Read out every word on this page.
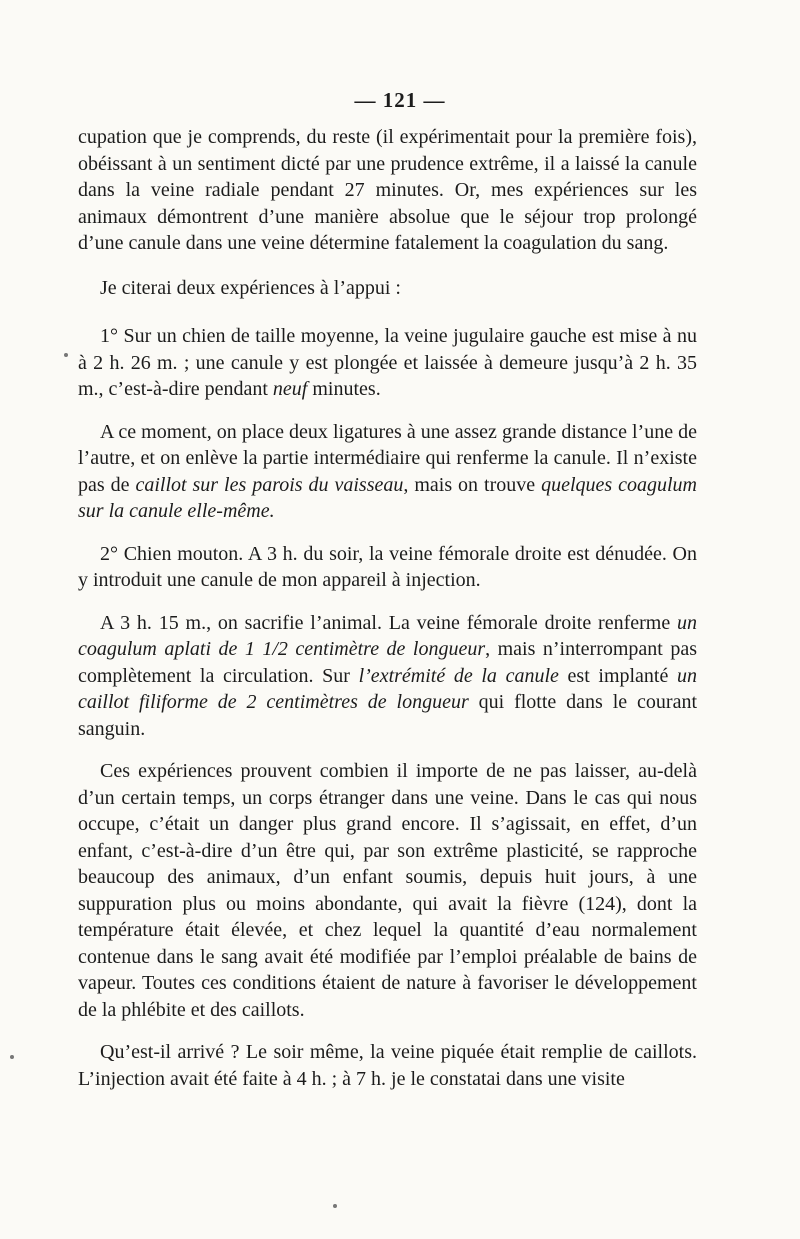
— 121 —

cupation que je comprends, du reste (il expérimentait pour la première fois), obéissant à un sentiment dicté par une prudence extrême, il a laissé la canule dans la veine radiale pendant 27 minutes. Or, mes expériences sur les animaux démontrent d’une manière absolue que le séjour trop prolongé d’une canule dans une veine détermine fatalement la coagulation du sang.

Je citerai deux expériences à l’appui :

1° Sur un chien de taille moyenne, la veine jugulaire gauche est mise à nu à 2 h. 26 m. ; une canule y est plongée et laissée à demeure jusqu’à 2 h. 35 m., c’est-à-dire pendant neuf minutes.

A ce moment, on place deux ligatures à une assez grande distance l’une de l’autre, et on enlève la partie intermédiaire qui renferme la canule. Il n’existe pas de caillot sur les parois du vaisseau, mais on trouve quelques coagulum sur la canule elle-même.

2° Chien mouton. A 3 h. du soir, la veine fémorale droite est dénudée. On y introduit une canule de mon appareil à injection.

A 3 h. 15 m., on sacrifie l’animal. La veine fémorale droite renferme un coagulum aplati de 1 1/2 centimètre de longueur, mais n’interrompant pas complètement la circulation. Sur l’extrémité de la canule est implanté un caillot filiforme de 2 centimètres de longueur qui flotte dans le courant sanguin.

Ces expériences prouvent combien il importe de ne pas laisser, au-delà d’un certain temps, un corps étranger dans une veine. Dans le cas qui nous occupe, c’était un danger plus grand encore. Il s’agissait, en effet, d’un enfant, c’est-à-dire d’un être qui, par son extrême plasticité, se rapproche beaucoup des animaux, d’un enfant soumis, depuis huit jours, à une suppuration plus ou moins abondante, qui avait la fièvre (124), dont la température était élevée, et chez lequel la quantité d’eau normalement contenue dans le sang avait été modifiée par l’emploi préalable de bains de vapeur. Toutes ces conditions étaient de nature à favoriser le développement de la phlébite et des caillots.

Qu’est-il arrivé ? Le soir même, la veine piquée était remplie de caillots. L’injection avait été faite à 4 h. ; à 7 h. je le constatai dans une visite
